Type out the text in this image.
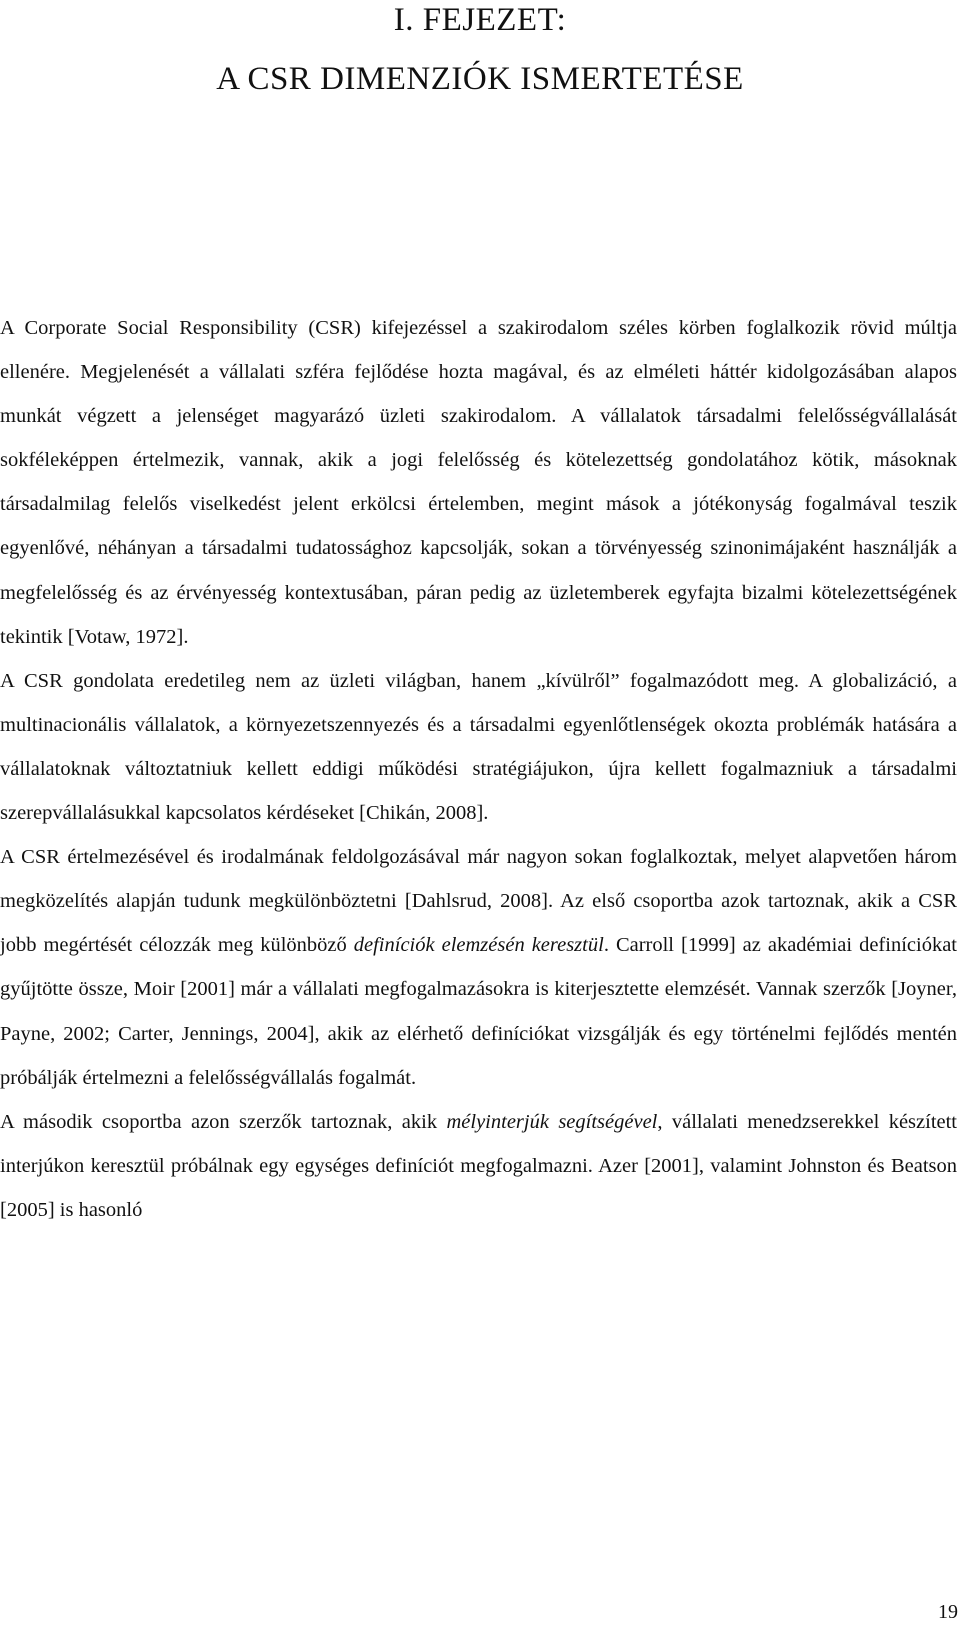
I. FEJEZET:
A CSR DIMENZIÓK ISMERTETÉSE

A Corporate Social Responsibility (CSR) kifejezéssel a szakirodalom széles körben foglalkozik rövid múltja ellenére. Megjelenését a vállalati szféra fejlődése hozta magával, és az elméleti háttér kidolgozásában alapos munkát végzett a jelenséget magyarázó üzleti szakirodalom. A vállalatok társadalmi felelősségvállalását sokféleképpen értelmezik, vannak, akik a jogi felelősség és kötelezettség gondolatához kötik, másoknak társadalmilag felelős viselkedést jelent erkölcsi értelemben, megint mások a jótékonyság fogalmával teszik egyenlővé, néhányan a társadalmi tudatossághoz kapcsolják, sokan a törvényesség szinonimájaként használják a megfelelősség és az érvényesség kontextusában, páran pedig az üzletemberek egyfajta bizalmi kötelezettségének tekintik [Votaw, 1972].

A CSR gondolata eredetileg nem az üzleti világban, hanem „kívülről” fogalmazódott meg. A globalizáció, a multinacionális vállalatok, a környezetszennyezés és a társadalmi egyenlőtlenségek okozta problémák hatására a vállalatoknak változtatniuk kellett eddigi működési stratégiájukon, újra kellett fogalmazniuk a társadalmi szerepvállalásukkal kapcsolatos kérdéseket [Chikán, 2008].

A CSR értelmezésével és irodalmának feldolgozásával már nagyon sokan foglalkoztak, melyet alapvetően három megközelítés alapján tudunk megkülönböztetni [Dahlsrud, 2008]. Az első csoportba azok tartoznak, akik a CSR jobb megértését célozzák meg különböző definíciók elemzésén keresztül. Carroll [1999] az akadémiai definíciókat gyűjtötte össze, Moir [2001] már a vállalati megfogalmazásokra is kiterjesztette elemzését. Vannak szerzők [Joyner, Payne, 2002; Carter, Jennings, 2004], akik az elérhető definíciókat vizsgálják és egy történelmi fejlődés mentén próbálják értelmezni a felelősségvállalás fogalmát.

A második csoportba azon szerzők tartoznak, akik mélyinterjúk segítségével, vállalati menedzserekkel készített interjúkon keresztül próbálnak egy egységes definíciót megfogalmazni. Azer [2001], valamint Johnston és Beatson [2005] is hasonló

19
